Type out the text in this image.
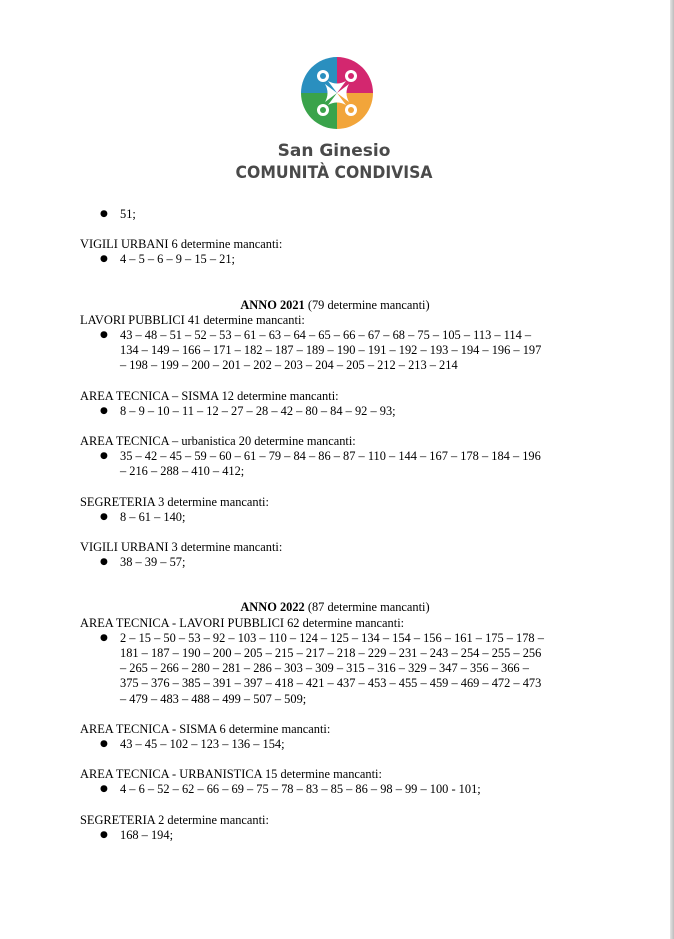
San Ginesio
COMUNITÀ CONDIVISA
● 51;
VIGILI URBANI 6 determine mancanti:
● 4 – 5 – 6 – 9 – 15 – 21;
ANNO 2021 (79 determine mancanti)
LAVORI PUBBLICI 41 determine mancanti:
● 43 – 48 – 51 – 52 – 53 – 61 – 63 – 64 – 65 – 66 – 67 – 68 – 75 – 105 – 113 – 114 –
134 – 149 – 166 – 171 – 182 – 187 – 189 – 190 – 191 – 192 – 193 – 194 – 196 – 197
– 198 – 199 – 200 – 201 – 202 – 203 – 204 – 205 – 212 – 213 – 214
AREA TECNICA – SISMA 12 determine mancanti:
● 8 – 9 – 10 – 11 – 12 – 27 – 28 – 42 – 80 – 84 – 92 – 93;
AREA TECNICA – urbanistica 20 determine mancanti:
● 35 – 42 – 45 – 59 – 60 – 61 – 79 – 84 – 86 – 87 – 110 – 144 – 167 – 178 – 184 – 196
– 216 – 288 – 410 – 412;
SEGRETERIA 3 determine mancanti:
● 8 – 61 – 140;
VIGILI URBANI 3 determine mancanti:
● 38 – 39 – 57;
ANNO 2022 (87 determine mancanti)
AREA TECNICA - LAVORI PUBBLICI 62 determine mancanti:
● 2 – 15 – 50 – 53 – 92 – 103 – 110 – 124 – 125 – 134 – 154 – 156 – 161 – 175 – 178 –
181 – 187 – 190 – 200 – 205 – 215 – 217 – 218 – 229 – 231 – 243 – 254 – 255 – 256
– 265 – 266 – 280 – 281 – 286 – 303 – 309 – 315 – 316 – 329 – 347 – 356 – 366 –
375 – 376 – 385 – 391 – 397 – 418 – 421 – 437 – 453 – 455 – 459 – 469 – 472 – 473
– 479 – 483 – 488 – 499 – 507 – 509;
AREA TECNICA - SISMA 6 determine mancanti:
● 43 – 45 – 102 – 123 – 136 – 154;
AREA TECNICA - URBANISTICA 15 determine mancanti:
● 4 – 6 – 52 – 62 – 66 – 69 – 75 – 78 – 83 – 85 – 86 – 98 – 99 – 100 - 101;
SEGRETERIA 2 determine mancanti:
● 168 – 194;
